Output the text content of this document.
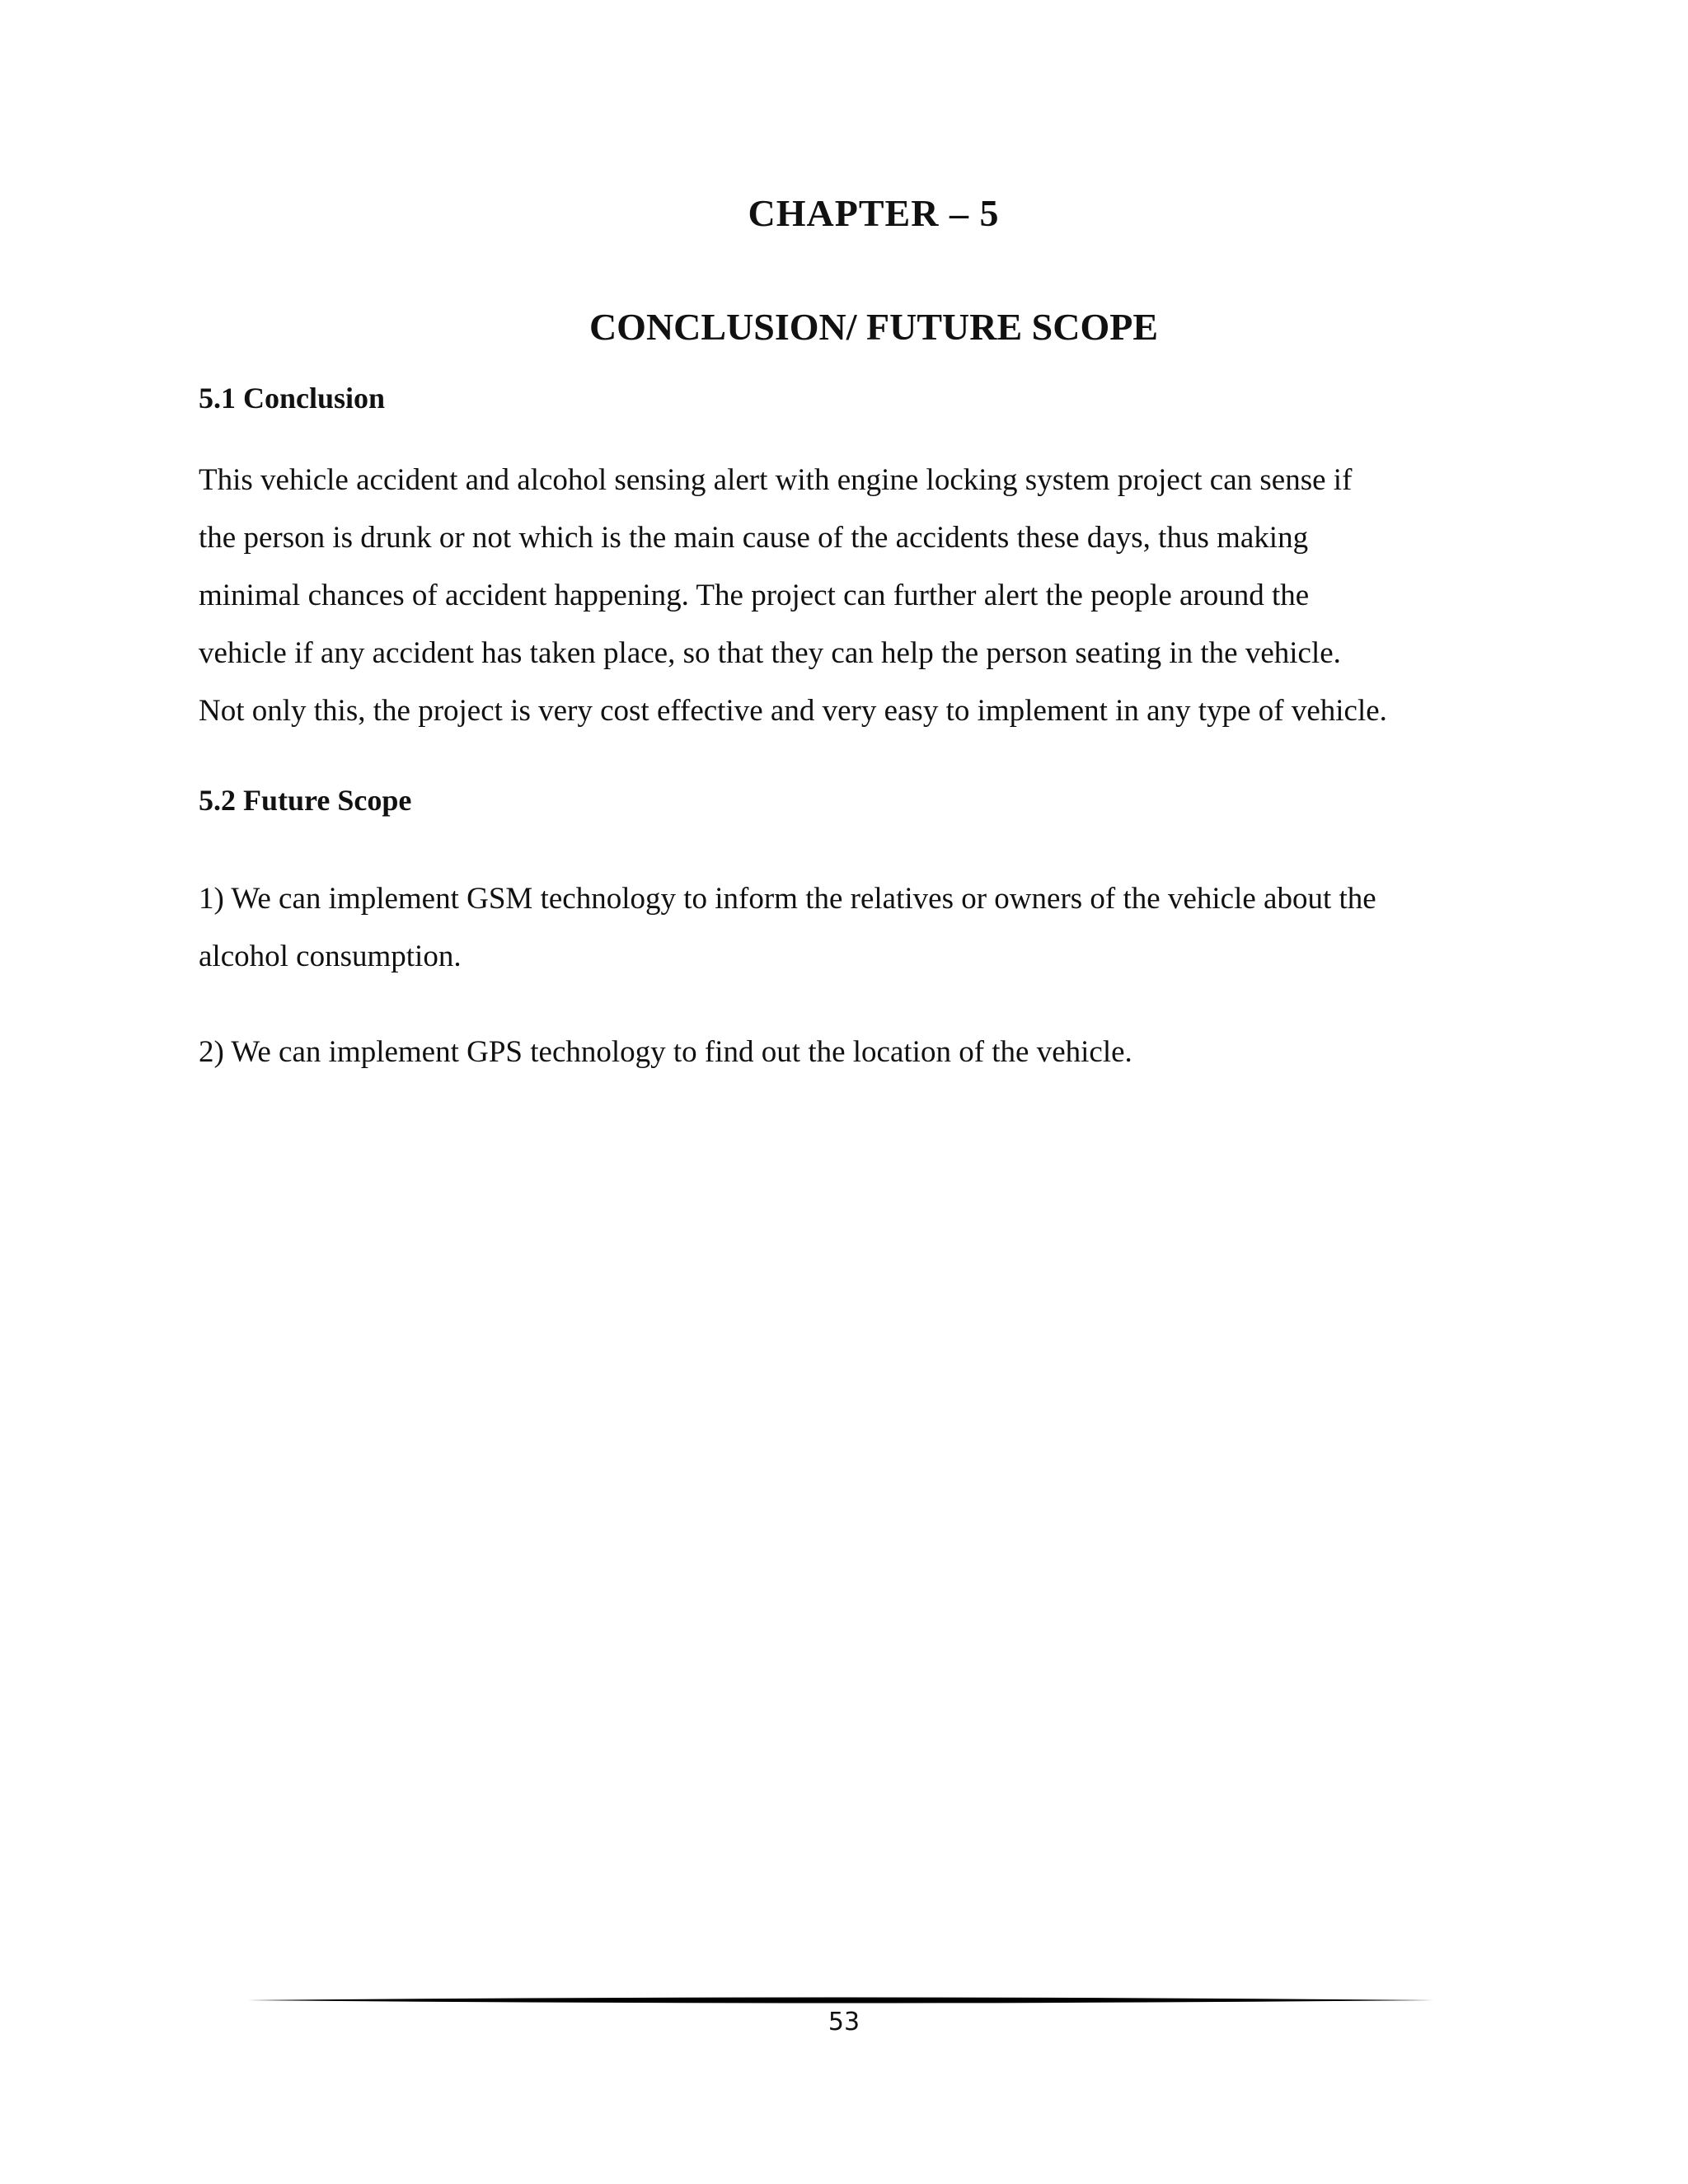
CHAPTER – 5
CONCLUSION/ FUTURE SCOPE
5.1 Conclusion
This vehicle accident and alcohol sensing alert with engine locking system project can sense if
the person is drunk or not which is the main cause of the accidents these days, thus making
minimal chances of accident happening. The project can further alert the people around the
vehicle if any accident has taken place, so that they can help the person seating in the vehicle.
Not only this, the project is very cost effective and very easy to implement in any type of vehicle.
5.2 Future Scope
1) We can implement GSM technology to inform the relatives or owners of the vehicle about the
alcohol consumption.
2) We can implement GPS technology to find out the location of the vehicle.
53
